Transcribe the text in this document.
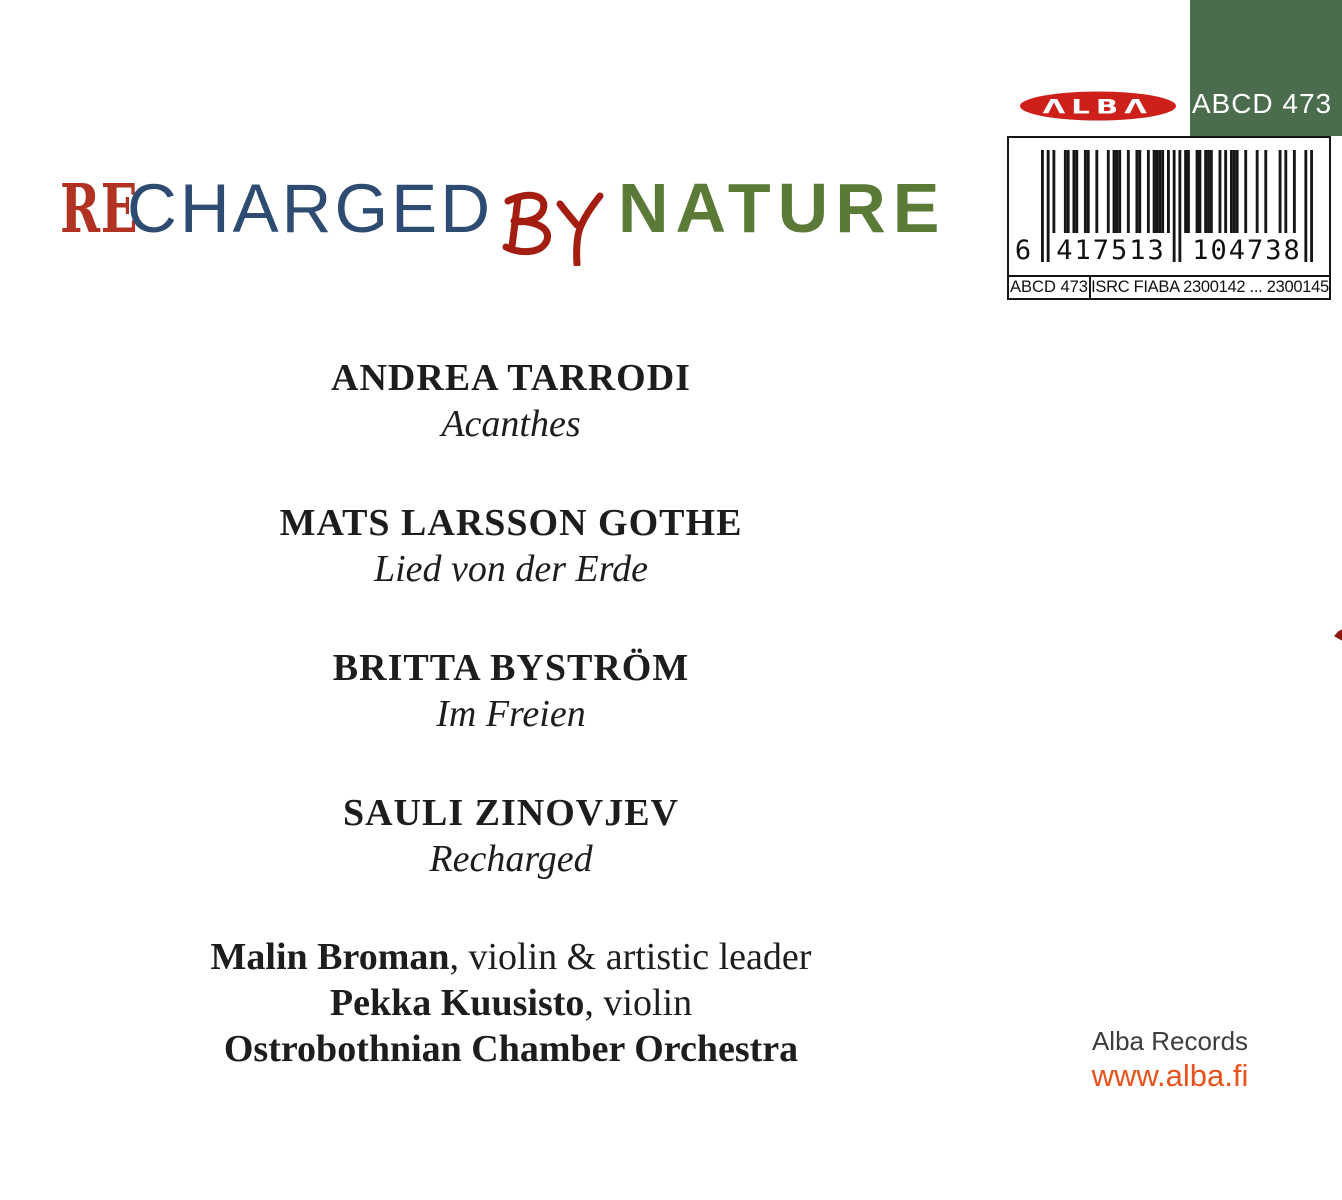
ABCD 473
ΛLBΛ
6 417513 104738
ABCD 473 ISRC FIABA 2300142 ... 2300145
RE
CHARGED NATURE
ANDREA TARRODI
Acanthes
MATS LARSSON GOTHE
Lied von der Erde
BRITTA BYSTRÖM
Im Freien
SAULI ZINOVJEV
Recharged
Malin Broman, violin & artistic leader
Pekka Kuusisto, violin
Ostrobothnian Chamber Orchestra	Alba Records
www.alba.fi
